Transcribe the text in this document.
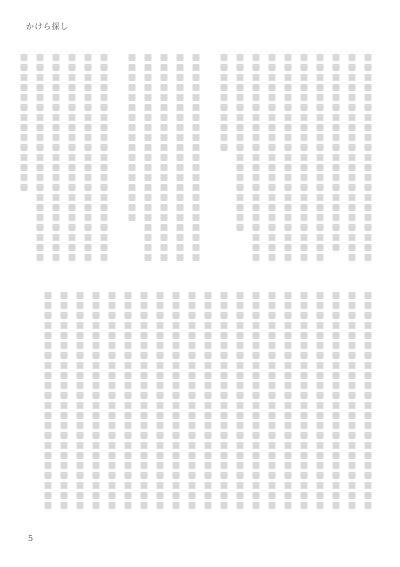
かけら探し
5
